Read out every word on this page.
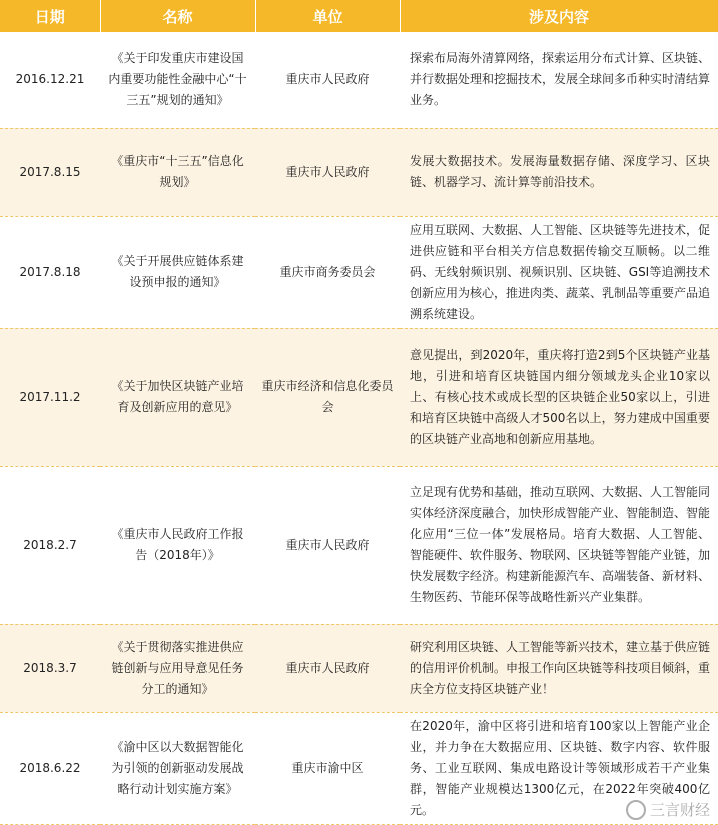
日期	名称	单位	涉及内容
2016.12.21	《关于印发重庆市建设国内重要功能性金融中心“十三五”规划的通知》	重庆市人民政府	探索布局海外清算网络，探索运用分布式计算、区块链、并行数据处理和挖掘技术，发展全球间多币种实时清结算业务。
2017.8.15	《重庆市“十三五”信息化规划》	重庆市人民政府	发展大数据技术。发展海量数据存储、深度学习、区块链、机器学习、流计算等前沿技术。
2017.8.18	《关于开展供应链体系建设预申报的通知》	重庆市商务委员会	应用互联网、大数据、人工智能、区块链等先进技术，促进供应链和平台相关方信息数据传输交互顺畅。以二维码、无线射频识别、视频识别、区块链、GSI等追溯技术创新应用为核心，推进肉类、蔬菜、乳制品等重要产品追溯系统建设。
2017.11.2	《关于加快区块链产业培育及创新应用的意见》	重庆市经济和信息化委员会	意见提出，到2020年，重庆将打造2到5个区块链产业基地，引进和培育区块链国内细分领域龙头企业10家以上、有核心技术或成长型的区块链企业50家以上，引进和培育区块链中高级人才500名以上，努力建成中国重要的区块链产业高地和创新应用基地。
2018.2.7	《重庆市人民政府工作报告（2018年）》	重庆市人民政府	立足现有优势和基础，推动互联网、大数据、人工智能同实体经济深度融合，加快形成智能产业、智能制造、智能化应用“三位一体”发展格局。培育大数据、人工智能、智能硬件、软件服务、物联网、区块链等智能产业链，加快发展数字经济。构建新能源汽车、高端装备、新材料、生物医药、节能环保等战略性新兴产业集群。
2018.3.7	《关于贯彻落实推进供应链创新与应用导意见任务分工的通知》	重庆市人民政府	研究利用区块链、人工智能等新兴技术，建立基于供应链的信用评价机制。申报工作向区块链等科技项目倾斜，重庆全方位支持区块链产业！
2018.6.22	《渝中区以大数据智能化为引领的创新驱动发展战略行动计划实施方案》	重庆市渝中区	在2020年，渝中区将引进和培育100家以上智能产业企业，并力争在大数据应用、区块链、数字内容、软件服务、工业互联网、集成电路设计等领域形成若干产业集群，智能产业规模达1300亿元，在2022年突破400亿元。	三言财经
